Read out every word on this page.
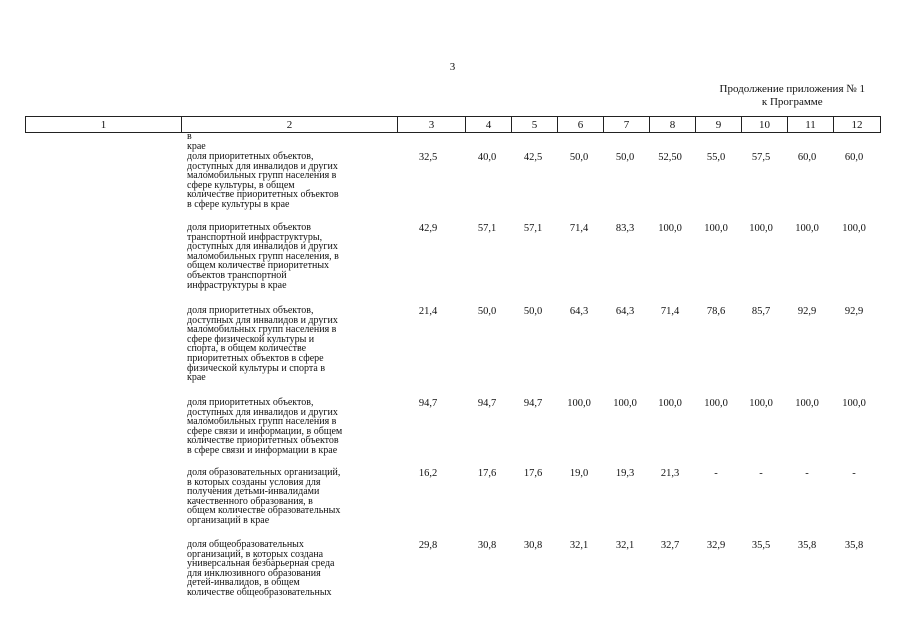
3
Продолжение приложения № 1
к Программе
1	2	3	4	5	6	7	8	9	10	11	12
в крае
доля приоритетных объектов,
доступных для инвалидов и других
маломобильных групп населения в
сфере культуры, в общем
количестве приоритетных объектов
в сфере культуры в крае
32,5	40,0	42,5	50,0	50,0	52,50	55,0	57,5	60,0	60,0
доля приоритетных объектов
транспортной инфраструктуры,
доступных для инвалидов и других
маломобильных групп населения, в
общем количестве приоритетных
объектов транспортной
инфраструктуры в крае
42,9	57,1	57,1	71,4	83,3	100,0	100,0	100,0	100,0	100,0
доля приоритетных объектов,
доступных для инвалидов и других
маломобильных групп населения в
сфере физической культуры и
спорта, в общем количестве
приоритетных объектов в сфере
физической культуры и спорта в
крае
21,4	50,0	50,0	64,3	64,3	71,4	78,6	85,7	92,9	92,9
доля приоритетных объектов,
доступных для инвалидов и других
маломобильных групп населения в
сфере связи и информации, в общем
количестве приоритетных объектов
в сфере связи и информации в крае
94,7	94,7	94,7	100,0	100,0	100,0	100,0	100,0	100,0	100,0
доля образовательных организаций,
в которых созданы условия для
получения детьми-инвалидами
качественного образования, в
общем количестве образовательных
организаций в крае
16,2	17,6	17,6	19,0	19,3	21,3	-	-	-	-
доля общеобразовательных
организаций, в которых создана
универсальная безбарьерная среда
для инклюзивного образования
детей-инвалидов, в общем
количестве общеобразовательных
29,8	30,8	30,8	32,1	32,1	32,7	32,9	35,5	35,8	35,8
